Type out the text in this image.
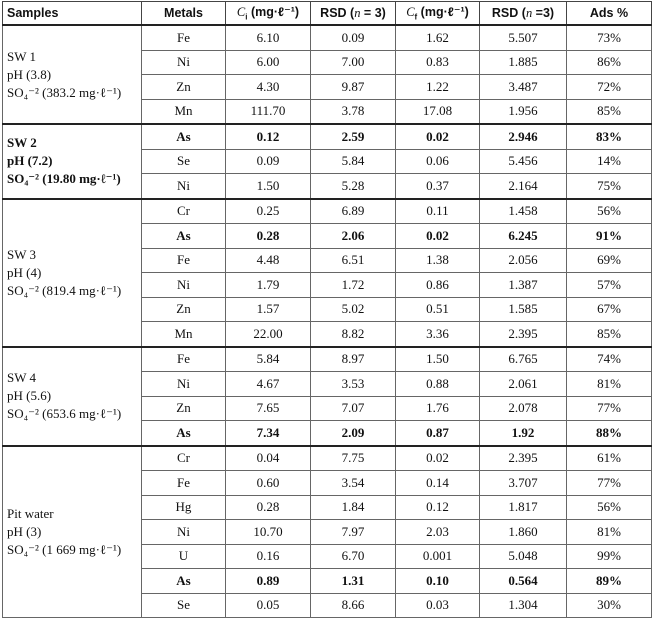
Samples	Metals	$C_i$ (mg·ℓ⁻¹)	RSD (n = 3)	$C_f$ (mg·ℓ⁻¹)	RSD (n =3)	Ads %

SW 1
pH (3.8)
SO₄⁻² (383.2 mg·ℓ⁻¹)	Fe	6.10	0.09	1.62	5.507	73%
	Ni	6.00	7.00	0.83	1.885	86%
	Zn	4.30	9.87	1.22	3.487	72%
	Mn	111.70	3.78	17.08	1.956	85%

SW 2
pH (7.2)
SO₄⁻² (19.80 mg·ℓ⁻¹)	As	0.12	2.59	0.02	2.946	83%
	Se	0.09	5.84	0.06	5.456	14%
	Ni	1.50	5.28	0.37	2.164	75%

SW 3
pH (4)
SO₄⁻² (819.4 mg·ℓ⁻¹)	Cr	0.25	6.89	0.11	1.458	56%
	As	0.28	2.06	0.02	6.245	91%
	Fe	4.48	6.51	1.38	2.056	69%
	Ni	1.79	1.72	0.86	1.387	57%
	Zn	1.57	5.02	0.51	1.585	67%
	Mn	22.00	8.82	3.36	2.395	85%

SW 4
pH (5.6)
SO₄⁻² (653.6 mg·ℓ⁻¹)	Fe	5.84	8.97	1.50	6.765	74%
	Ni	4.67	3.53	0.88	2.061	81%
	Zn	7.65	7.07	1.76	2.078	77%
	As	7.34	2.09	0.87	1.92	88%

Pit water
pH (3)
SO₄⁻² (1 669 mg·ℓ⁻¹)	Cr	0.04	7.75	0.02	2.395	61%
	Fe	0.60	3.54	0.14	3.707	77%
	Hg	0.28	1.84	0.12	1.817	56%
	Ni	10.70	7.97	2.03	1.860	81%
	U	0.16	6.70	0.001	5.048	99%
	As	0.89	1.31	0.10	0.564	89%
	Se	0.05	8.66	0.03	1.304	30%
